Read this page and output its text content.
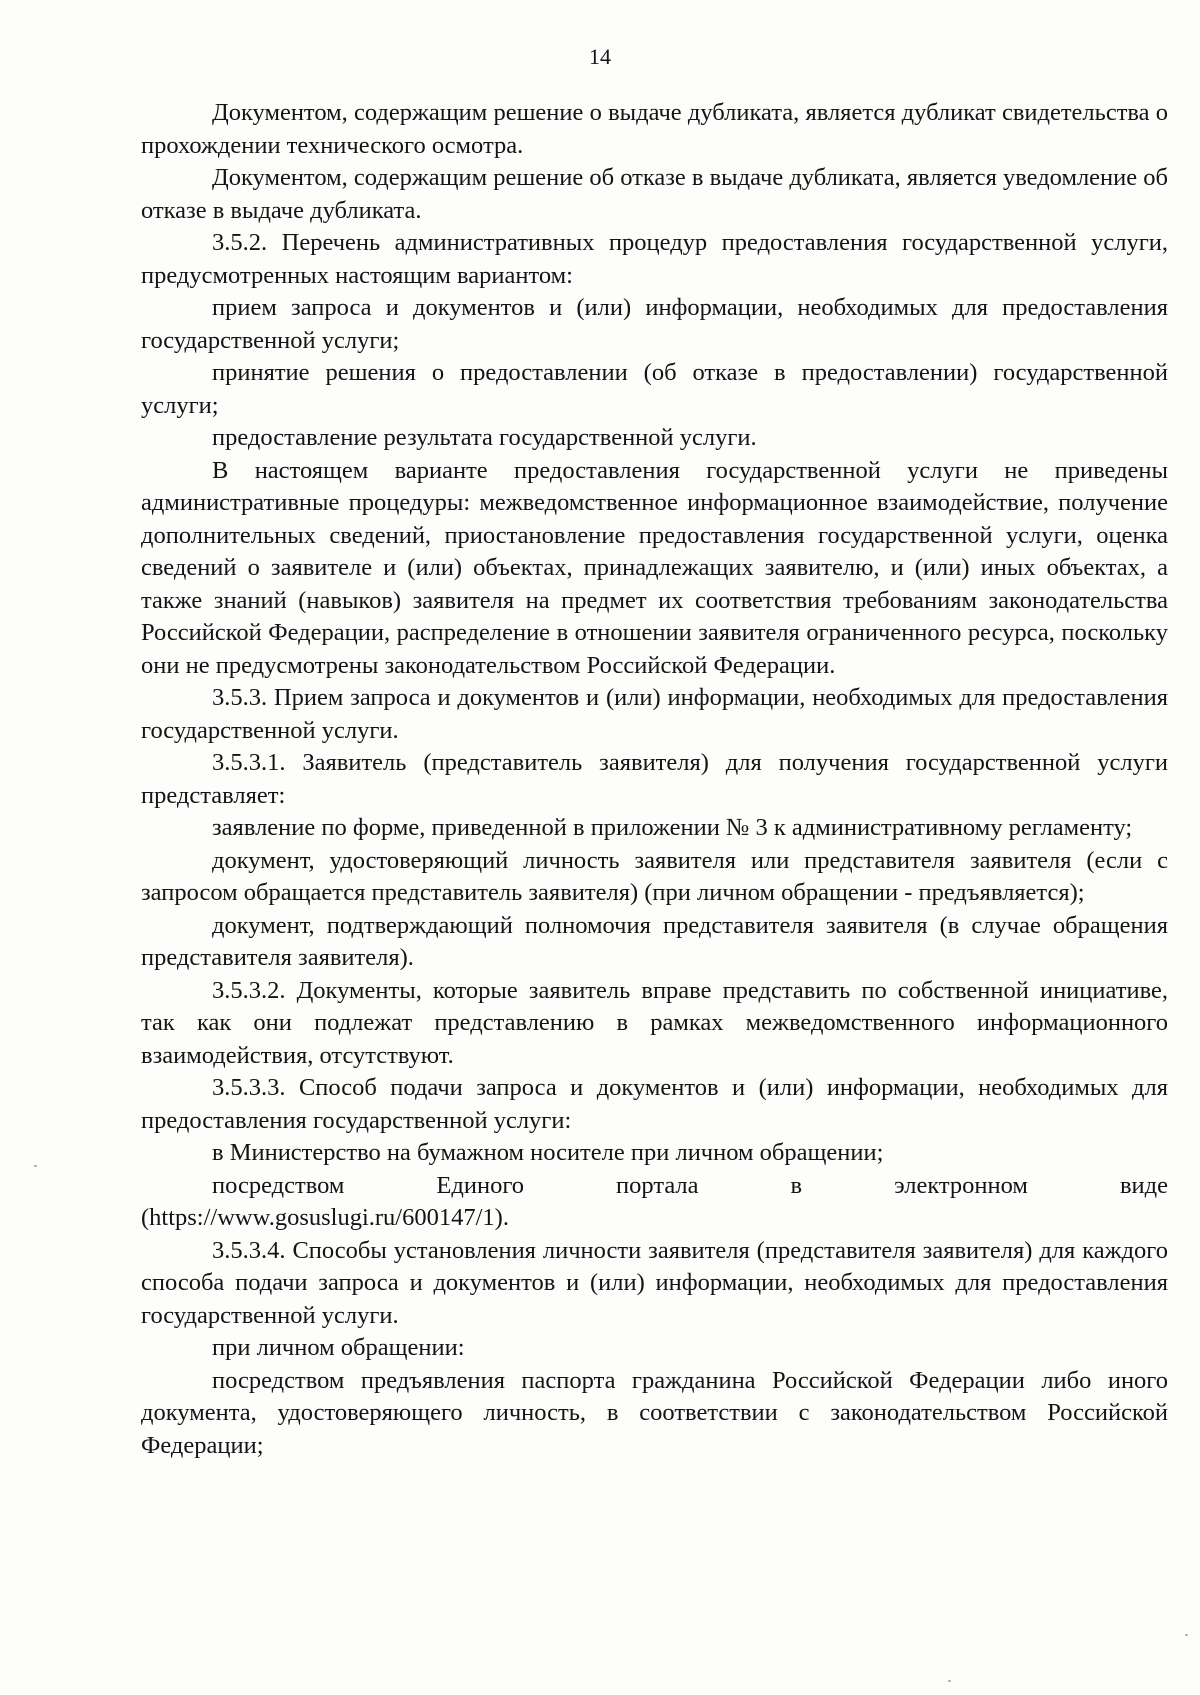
14

Документом, содержащим решение о выдаче дубликата, является дубликат свидетельства о прохождении технического осмотра.

Документом, содержащим решение об отказе в выдаче дубликата, является уведомление об отказе в выдаче дубликата.

3.5.2. Перечень административных процедур предоставления государственной услуги, предусмотренных настоящим вариантом:

прием запроса и документов и (или) информации, необходимых для предоставления государственной услуги;

принятие решения о предоставлении (об отказе в предоставлении) государственной услуги;

предоставление результата государственной услуги.

В настоящем варианте предоставления государственной услуги не приведены административные процедуры: межведомственное информационное взаимодействие, получение дополнительных сведений, приостановление предоставления государственной услуги, оценка сведений о заявителе и (или) объектах, принадлежащих заявителю, и (или) иных объектах, а также знаний (навыков) заявителя на предмет их соответствия требованиям законодательства Российской Федерации, распределение в отношении заявителя ограниченного ресурса, поскольку они не предусмотрены законодательством Российской Федерации.

3.5.3. Прием запроса и документов и (или) информации, необходимых для предоставления государственной услуги.

3.5.3.1. Заявитель (представитель заявителя) для получения государственной услуги представляет:

заявление по форме, приведенной в приложении № 3 к административному регламенту;

документ, удостоверяющий личность заявителя или представителя заявителя (если с запросом обращается представитель заявителя) (при личном обращении - предъявляется);

документ, подтверждающий полномочия представителя заявителя (в случае обращения представителя заявителя).

3.5.3.2. Документы, которые заявитель вправе представить по собственной инициативе, так как они подлежат представлению в рамках межведомственного информационного взаимодействия, отсутствуют.

3.5.3.3. Способ подачи запроса и документов и (или) информации, необходимых для предоставления государственной услуги:

в Министерство на бумажном носителе при личном обращении;

посредством Единого портала в электронном виде

(https://www.gosuslugi.ru/600147/1).

3.5.3.4. Способы установления личности заявителя (представителя заявителя) для каждого способа подачи запроса и документов и (или) информации, необходимых для предоставления государственной услуги.

при личном обращении:

посредством предъявления паспорта гражданина Российской Федерации либо иного документа, удостоверяющего личность, в соответствии с законодательством Российской Федерации;
